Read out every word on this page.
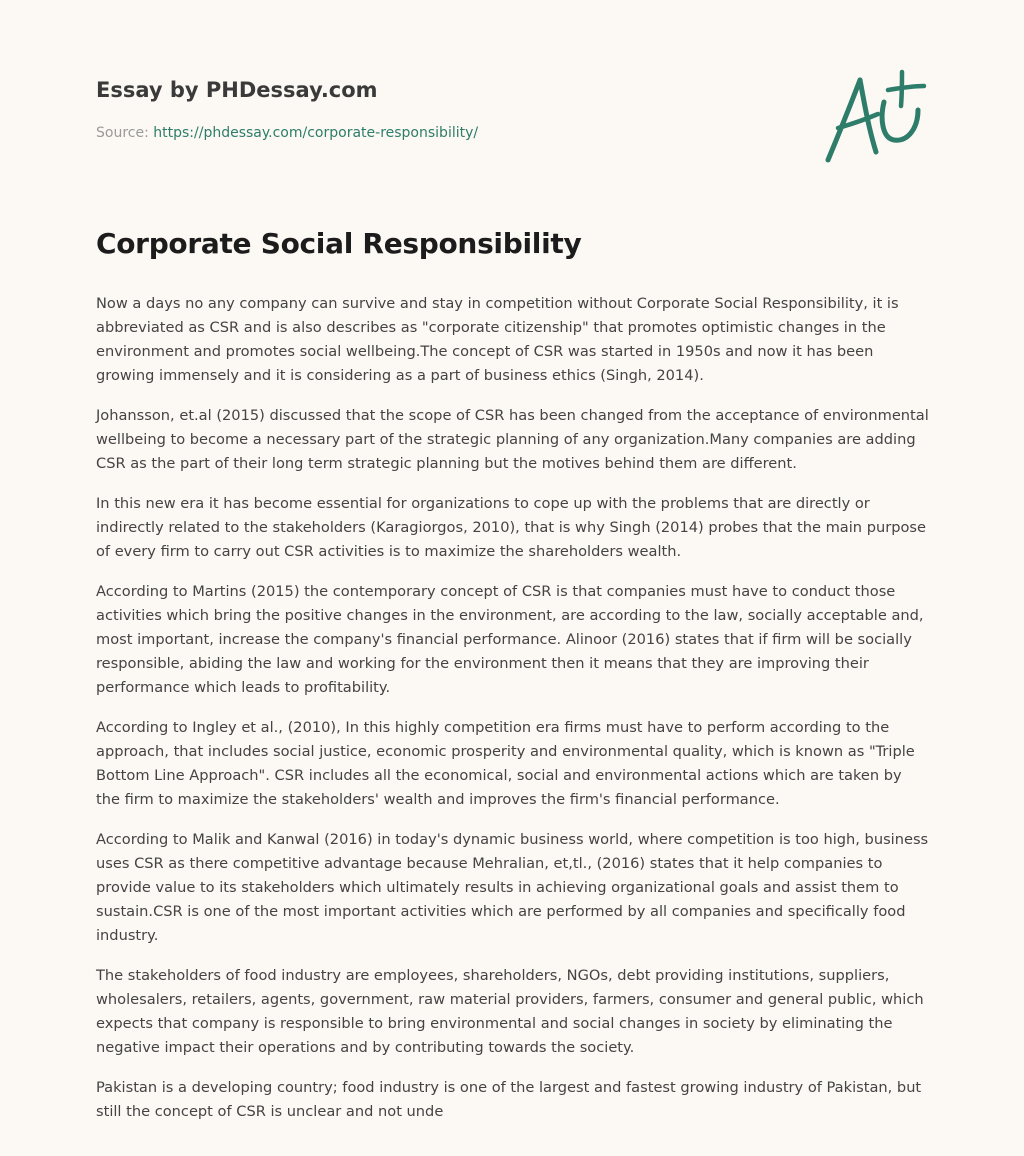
Essay by PHDessay.com
Source: https://phdessay.com/corporate-responsibility/
Corporate Social Responsibility

Now a days no any company can survive and stay in competition without Corporate Social Responsibility, it is abbreviated as CSR and is also describes as "corporate citizenship" that promotes optimistic changes in the environment and promotes social wellbeing.The concept of CSR was started in 1950s and now it has been growing immensely and it is considering as a part of business ethics (Singh, 2014).

Johansson, et.al (2015) discussed that the scope of CSR has been changed from the acceptance of environmental wellbeing to become a necessary part of the strategic planning of any organization.Many companies are adding CSR as the part of their long term strategic planning but the motives behind them are different.

In this new era it has become essential for organizations to cope up with the problems that are directly or indirectly related to the stakeholders (Karagiorgos, 2010), that is why Singh (2014) probes that the main purpose of every firm to carry out CSR activities is to maximize the shareholders wealth.

According to Martins (2015) the contemporary concept of CSR is that companies must have to conduct those activities which bring the positive changes in the environment, are according to the law, socially acceptable and, most important, increase the company's financial performance. Alinoor (2016) states that if firm will be socially responsible, abiding the law and working for the environment then it means that they are improving their performance which leads to profitability.

According to Ingley et al., (2010), In this highly competition era firms must have to perform according to the approach, that includes social justice, economic prosperity and environmental quality, which is known as "Triple Bottom Line Approach". CSR includes all the economical, social and environmental actions which are taken by the firm to maximize the stakeholders' wealth and improves the firm's financial performance.

According to Malik and Kanwal (2016) in today's dynamic business world, where competition is too high, business uses CSR as there competitive advantage because Mehralian, et,tl., (2016) states that it help companies to provide value to its stakeholders which ultimately results in achieving organizational goals and assist them to sustain.CSR is one of the most important activities which are performed by all companies and specifically food industry.

The stakeholders of food industry are employees, shareholders, NGOs, debt providing institutions, suppliers, wholesalers, retailers, agents, government, raw material providers, farmers, consumer and general public, which expects that company is responsible to bring environmental and social changes in society by eliminating the negative impact their operations and by contributing towards the society.

Pakistan is a developing country; food industry is one of the largest and fastest growing industry of Pakistan, but still the concept of CSR is unclear and not unde
